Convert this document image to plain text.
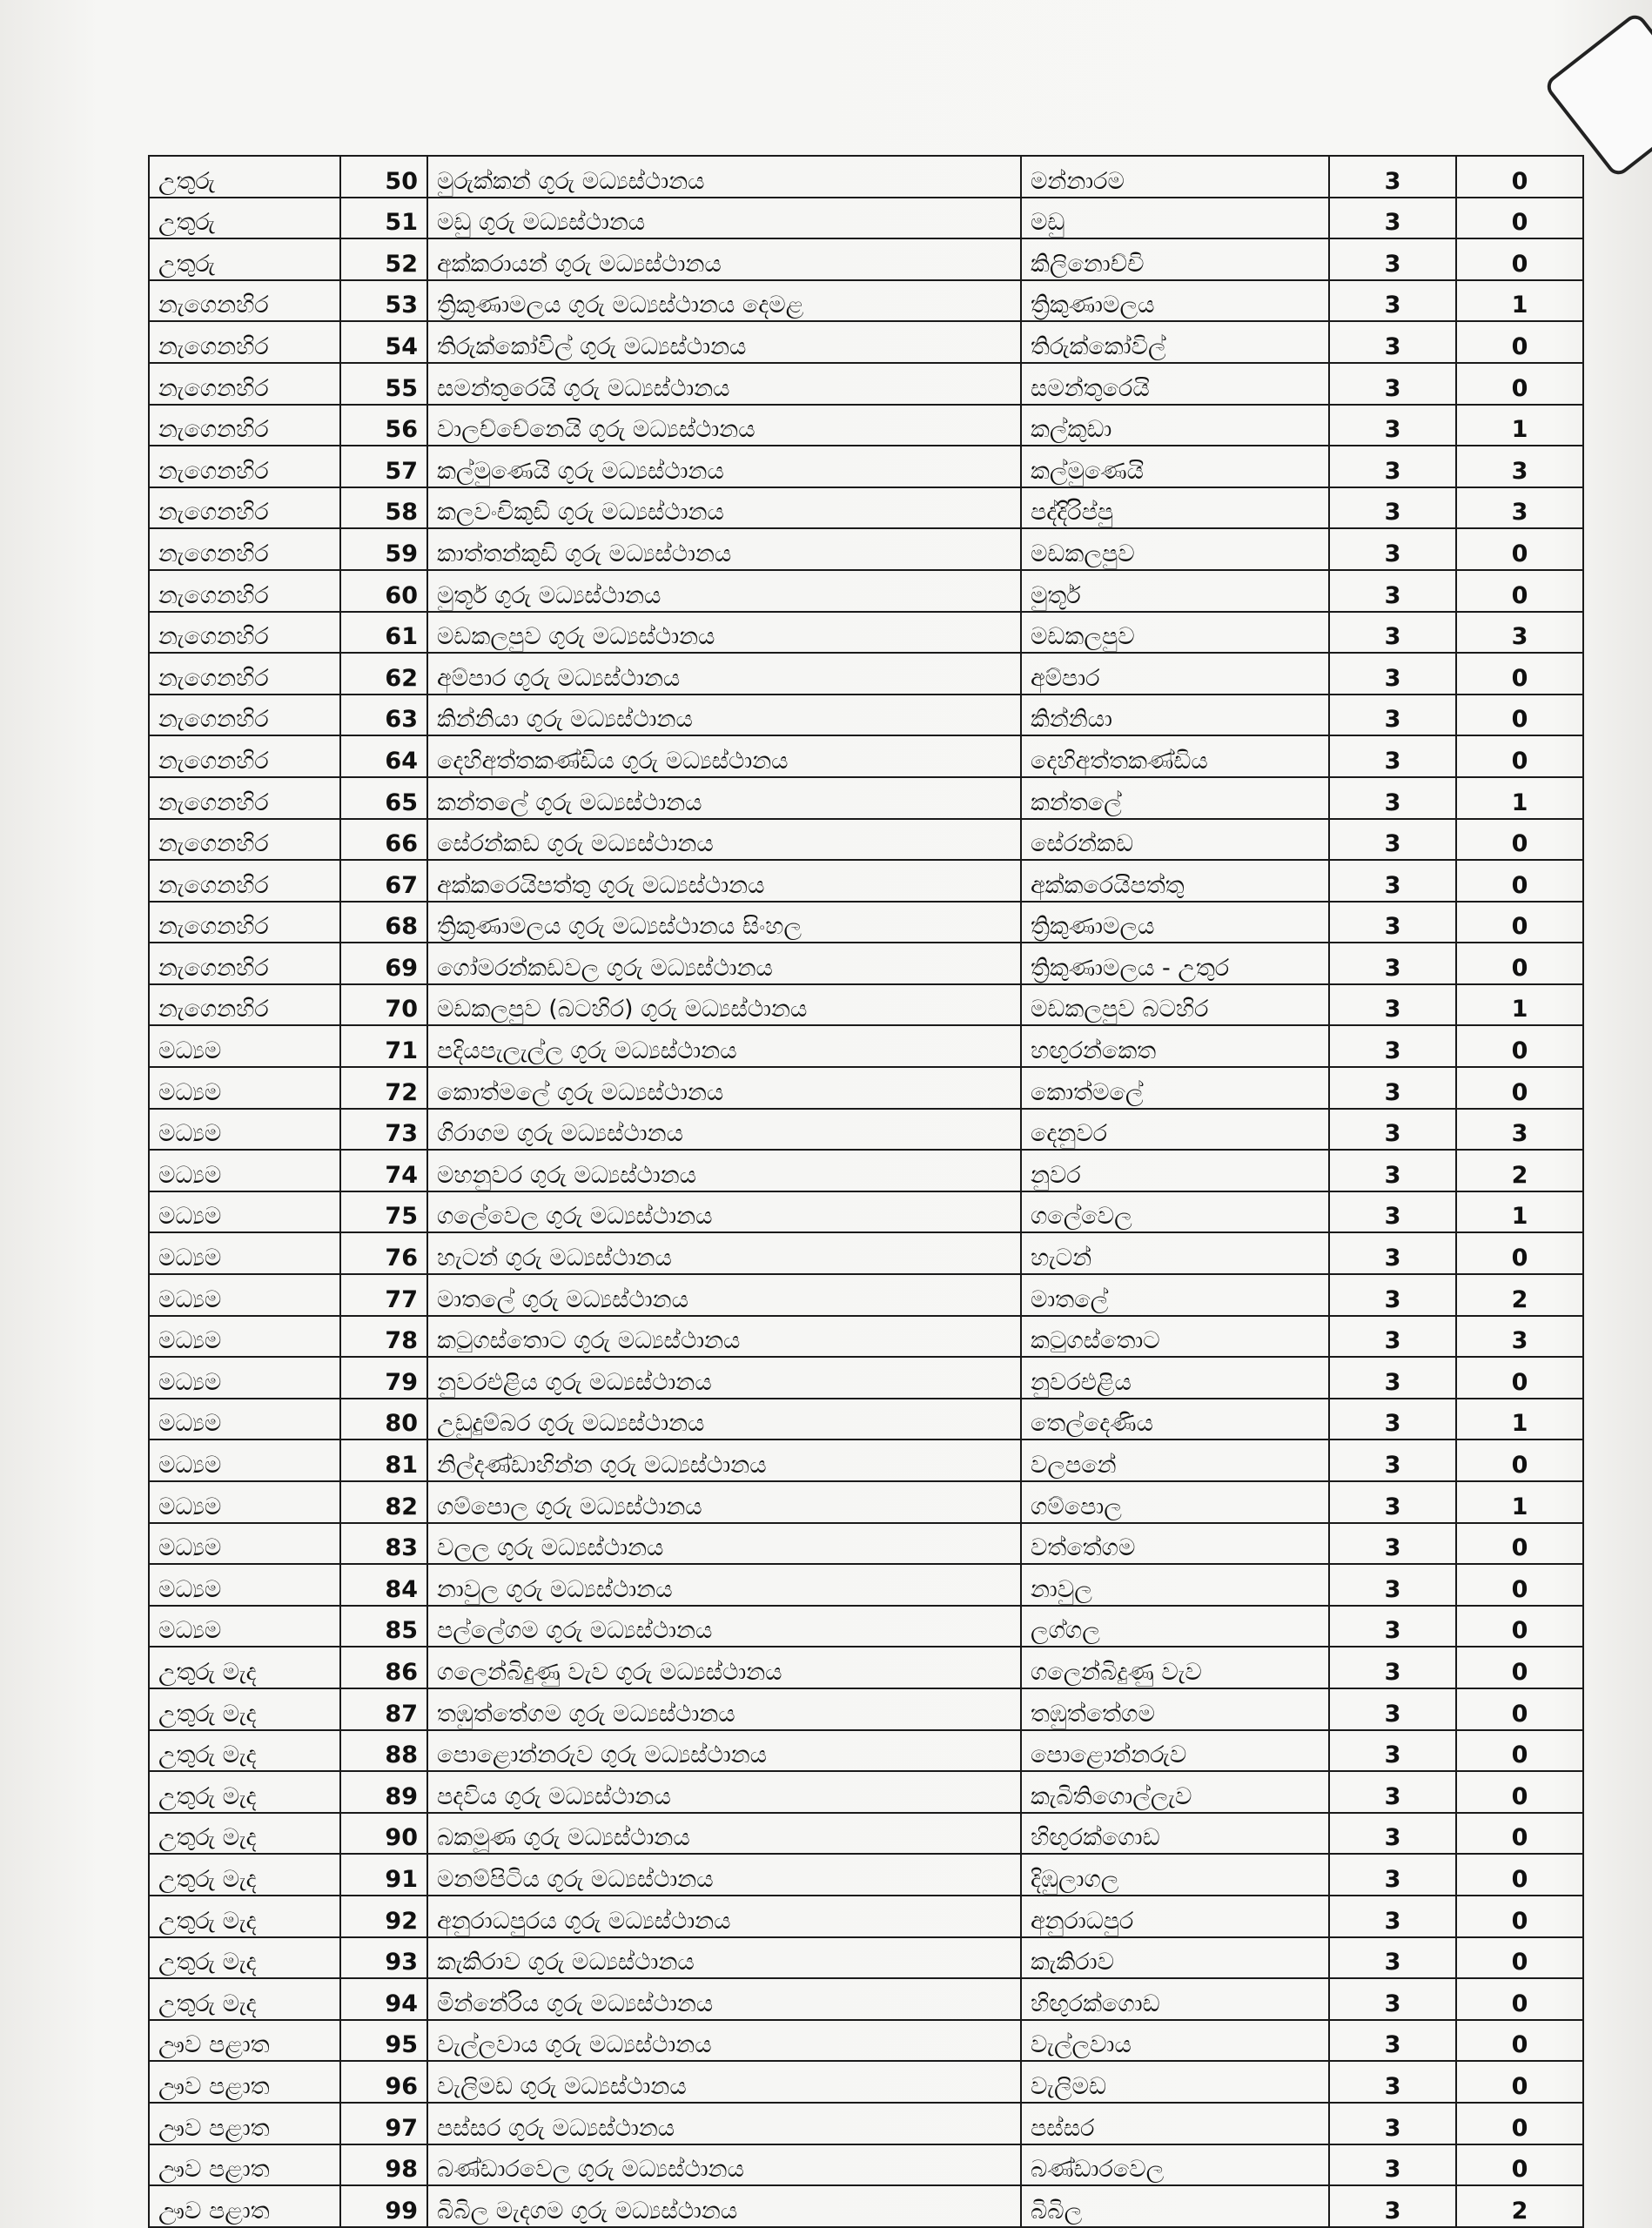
උතුරු	50	මුරුක්කන් ගුරු මධ්‍යස්ථානය	මන්නාරම	3	0
උතුරු	51	මඩු ගුරු මධ්‍යස්ථානය	මඩු	3	0
උතුරු	52	අක්කරායන් ගුරු මධ්‍යස්ථානය	කිලිනොච්චි	3	0
නැගෙනහිර	53	ත්‍රිකුණාමලය ගුරු මධ්‍යස්ථානය දෙමළ	ත්‍රිකුණාමලය	3	1
නැගෙනහිර	54	තිරුක්කෝවිල් ගුරු මධ්‍යස්ථානය	තිරුක්කෝවිල්	3	0
නැගෙනහිර	55	සමන්තුරෙයි ගුරු මධ්‍යස්ථානය	සමන්තුරෙයි	3	0
නැගෙනහිර	56	වාලච්චේනෙයි ගුරු මධ්‍යස්ථානය	කල්කුඩා	3	1
නැගෙනහිර	57	කල්මුණෙයි ගුරු මධ්‍යස්ථානය	කල්මුණෙයි	3	3
නැගෙනහිර	58	කලවංචිකුඩි ගුරු මධ්‍යස්ථානය	පද්දිරිප්පු	3	3
නැගෙනහිර	59	කාත්තන්කුඩි ගුරු මධ්‍යස්ථානය	මඩකලපුව	3	0
නැගෙනහිර	60	මුතූර් ගුරු මධ්‍යස්ථානය	මුතූර්	3	0
නැගෙනහිර	61	මඩකලපුව ගුරු මධ්‍යස්ථානය	මඩකලපුව	3	3
නැගෙනහිර	62	අම්පාර ගුරු මධ්‍යස්ථානය	අම්පාර	3	0
නැගෙනහිර	63	කින්නියා ගුරු මධ්‍යස්ථානය	කින්නියා	3	0
නැගෙනහිර	64	දෙහිඅත්තකණ්ඩිය ගුරු මධ්‍යස්ථානය	දෙහිඅත්තකණ්ඩිය	3	0
නැගෙනහිර	65	කන්තලේ ගුරු මධ්‍යස්ථානය	කන්තලේ	3	1
නැගෙනහිර	66	සේරන්කඩ ගුරු මධ්‍යස්ථානය	සේරන්කඩ	3	0
නැගෙනහිර	67	අක්කරෙයිපත්තු ගුරු මධ්‍යස්ථානය	අක්කරෙයිපත්තු	3	0
නැගෙනහිර	68	ත්‍රිකුණාමලය ගුරු මධ්‍යස්ථානය සිංහල	ත්‍රිකුණාමලය	3	0
නැගෙනහිර	69	ගෝමරන්කඩවල ගුරු මධ්‍යස්ථානය	ත්‍රිකුණාමලය - උතුර	3	0
නැගෙනහිර	70	මඩකලපුව (බටහිර) ගුරු මධ්‍යස්ථානය	මඩකලපුව බටහිර	3	1
මධ්‍යම	71	පදියපැලැල්ල ගුරු මධ්‍යස්ථානය	හඟුරන්කෙත	3	0
මධ්‍යම	72	කොත්මලේ ගුරු මධ්‍යස්ථානය	කොත්මලේ	3	0
මධ්‍යම	73	ගිරාගම ගුරු මධ්‍යස්ථානය	දෙනුවර	3	3
මධ්‍යම	74	මහනුවර ගුරු මධ්‍යස්ථානය	නුවර	3	2
මධ්‍යම	75	ගලේවෙල ගුරු මධ්‍යස්ථානය	ගලේවෙල	3	1
මධ්‍යම	76	හැටන් ගුරු මධ්‍යස්ථානය	හැටන්	3	0
මධ්‍යම	77	මාතලේ ගුරු මධ්‍යස්ථානය	මාතලේ	3	2
මධ්‍යම	78	කටුගස්තොට ගුරු මධ්‍යස්ථානය	කටුගස්තොට	3	3
මධ්‍යම	79	නුවරඑළිය ගුරු මධ්‍යස්ථානය	නුවරඑළිය	3	0
මධ්‍යම	80	උඩුදුම්බර ගුරු මධ්‍යස්ථානය	තෙල්දෙණිය	3	1
මධ්‍යම	81	නිල්දණ්ඩාහින්න ගුරු මධ්‍යස්ථානය	වලපනේ	3	0
මධ්‍යම	82	ගම්පොල ගුරු මධ්‍යස්ථානය	ගම්පොල	3	1
මධ්‍යම	83	වලල ගුරු මධ්‍යස්ථානය	වත්තේගම	3	0
මධ්‍යම	84	නාවුල ගුරු මධ්‍යස්ථානය	නාවුල	3	0
මධ්‍යම	85	පල්ලේගම ගුරු මධ්‍යස්ථානය	ලග්ගල	3	0
උතුරු මැද	86	ගලෙන්බිදුණු වැව ගුරු මධ්‍යස්ථානය	ගලෙන්බිදුණු වැව	3	0
උතුරු මැද	87	තඹුත්තේගම ගුරු මධ්‍යස්ථානය	තඹුත්තේගම	3	0
උතුරු මැද	88	පොළොන්නරුව ගුරු මධ්‍යස්ථානය	පොළොන්නරුව	3	0
උතුරු මැද	89	පදවිය ගුරු මධ්‍යස්ථානය	කැබිතිගොල්ලැව	3	0
උතුරු මැද	90	බකමූණ ගුරු මධ්‍යස්ථානය	හිඟුරක්ගොඩ	3	0
උතුරු මැද	91	මනම්පිටිය ගුරු මධ්‍යස්ථානය	දිඹුලාගල	3	0
උතුරු මැද	92	අනුරාධපුරය ගුරු මධ්‍යස්ථානය	අනුරාධපුර	3	0
උතුරු මැද	93	කැකිරාව ගුරු මධ්‍යස්ථානය	කැකිරාව	3	0
උතුරු මැද	94	මින්නේරිය ගුරු මධ්‍යස්ථානය	හිඟුරක්ගොඩ	3	0
ඌව පළාත	95	වැල්ලවාය ගුරු මධ්‍යස්ථානය	වැල්ලවාය	3	0
ඌව පළාත	96	වැලිමඩ ගුරු මධ්‍යස්ථානය	වැලිමඩ	3	0
ඌව පළාත	97	පස්සර ගුරු මධ්‍යස්ථානය	පස්සර	3	0
ඌව පළාත	98	බණ්ඩාරවෙල ගුරු මධ්‍යස්ථානය	බණ්ඩාරවෙල	3	0
ඌව පළාත	99	බිබිල මැදගම ගුරු මධ්‍යස්ථානය	බිබිල	3	2
